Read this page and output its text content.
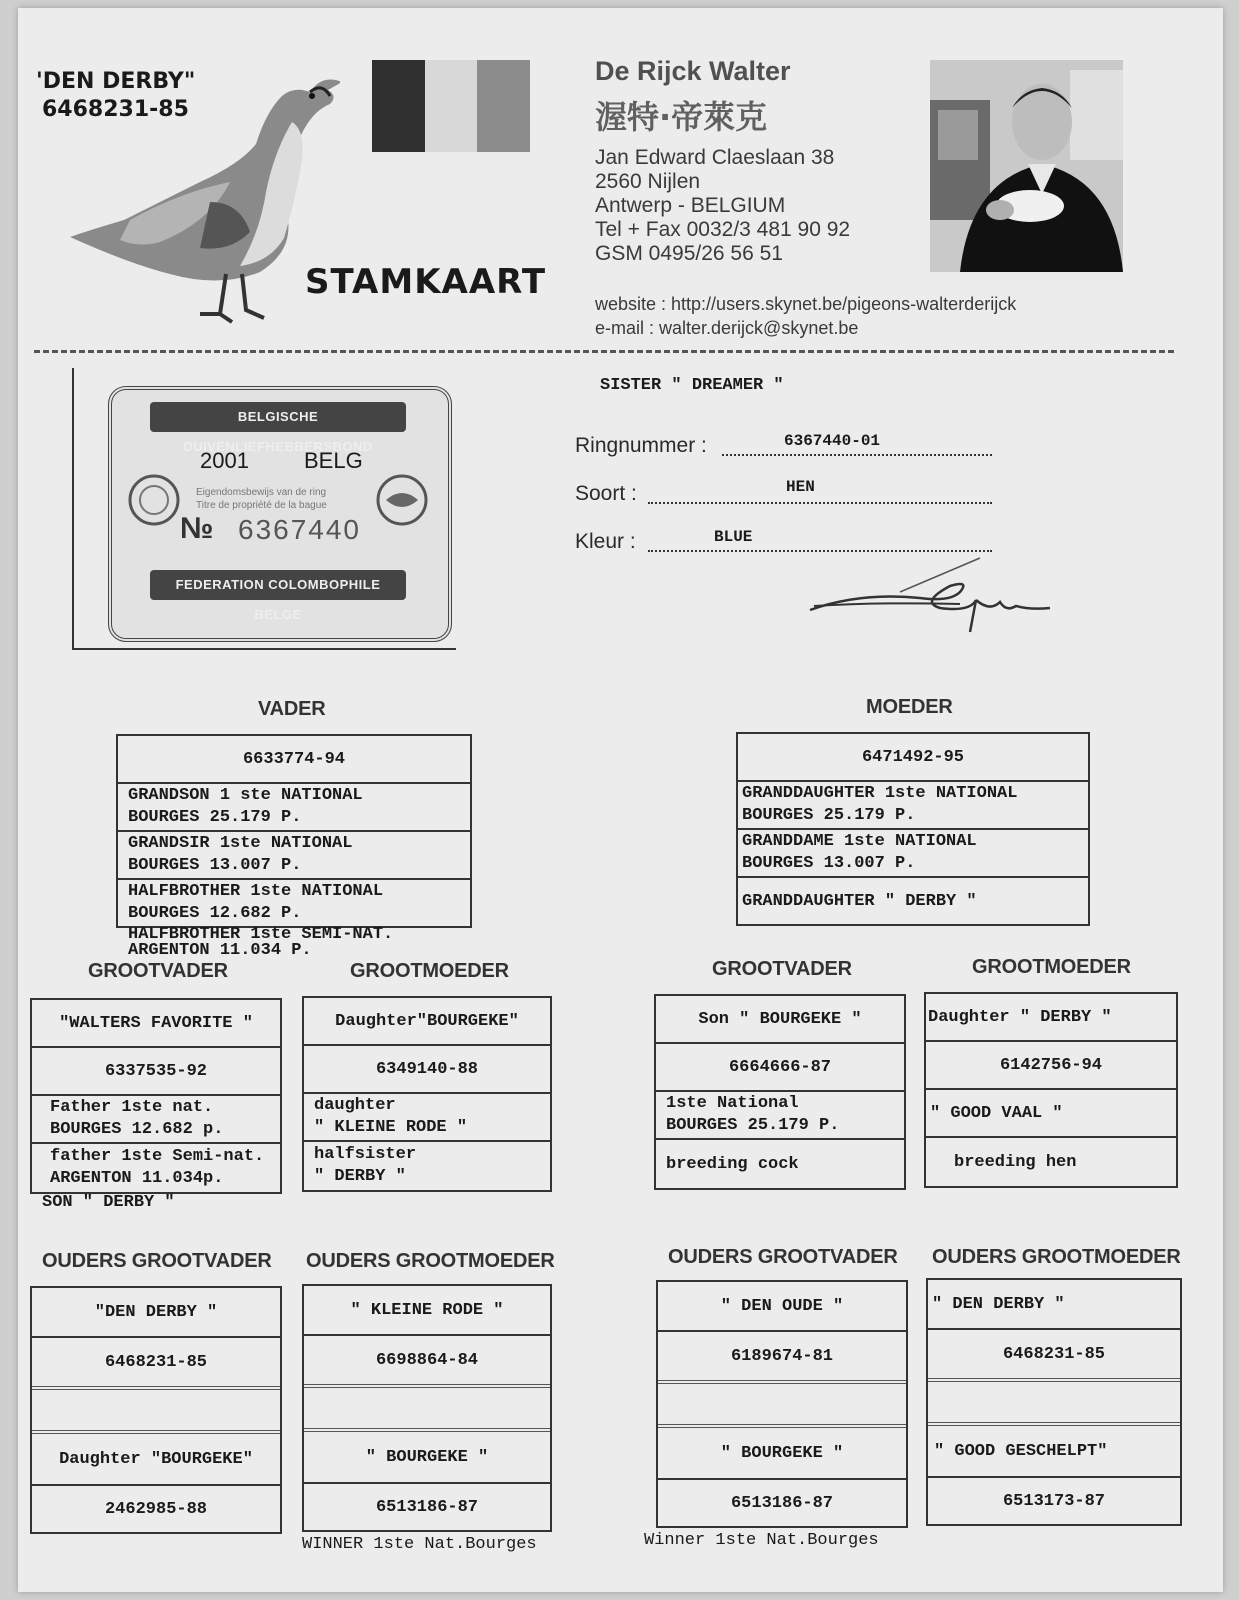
'DEN DERBY"
6468231-85
STAMKAART
De Rijck Walter
渥特·帝萊克
Jan Edward Claeslaan 38
2560 Nijlen
Antwerp - BELGIUM
Tel + Fax 0032/3 481 90 92
GSM 0495/26 56 51
website : http://users.skynet.be/pigeons-walterderijck
e-mail : walter.derijck@skynet.be
BELGISCHE DUIVENLIEFHEBBERSBOND
2001	BELG
Eigendomsbewijs van de ring
Titre de propriété de la bague
№ 6367440
FEDERATION COLOMBOPHILE BELGE
SISTER " DREAMER "
Ringnummer :	6367440-01
Soort :	HEN
Kleur :	BLUE
VADER
6633774-94
GRANDSON 1 ste NATIONAL
BOURGES 25.179 P.
GRANDSIR 1ste NATIONAL
BOURGES 13.007 P.
HALFBROTHER 1ste NATIONAL
BOURGES 12.682 P.
HALFBROTHER 1ste SEMI-NAT.
ARGENTON 11.034 P.
MOEDER
6471492-95
GRANDDAUGHTER 1ste NATIONAL
BOURGES 25.179 P.
GRANDDAME 1ste NATIONAL
BOURGES 13.007 P.
GRANDDAUGHTER " DERBY "
GROOTVADER	GROOTMOEDER	GROOTVADER	GROOTMOEDER
"WALTERS FAVORITE "
6337535-92
Father 1ste nat.
BOURGES 12.682 p.
father 1ste Semi-nat.
ARGENTON 11.034p.
SON " DERBY "
Daughter"BOURGEKE"
6349140-88
daughter
" KLEINE RODE "
halfsister
" DERBY "
Son " BOURGEKE "
6664666-87
1ste National
BOURGES 25.179 P.
breeding cock
Daughter " DERBY "
6142756-94
" GOOD VAAL "
breeding hen
OUDERS GROOTVADER OUDERS GROOTMOEDER	OUDERS GROOTVADER OUDERS GROOTMOEDER
"DEN DERBY "
6468231-85
Daughter "BOURGEKE"
2462985-88
" KLEINE RODE "
6698864-84
" BOURGEKE "
6513186-87
WINNER 1ste Nat.Bourges
" DEN OUDE "
6189674-81
" BOURGEKE "
6513186-87
Winner 1ste Nat.Bourges
" DEN DERBY "
6468231-85
" GOOD GESCHELPT"
6513173-87
